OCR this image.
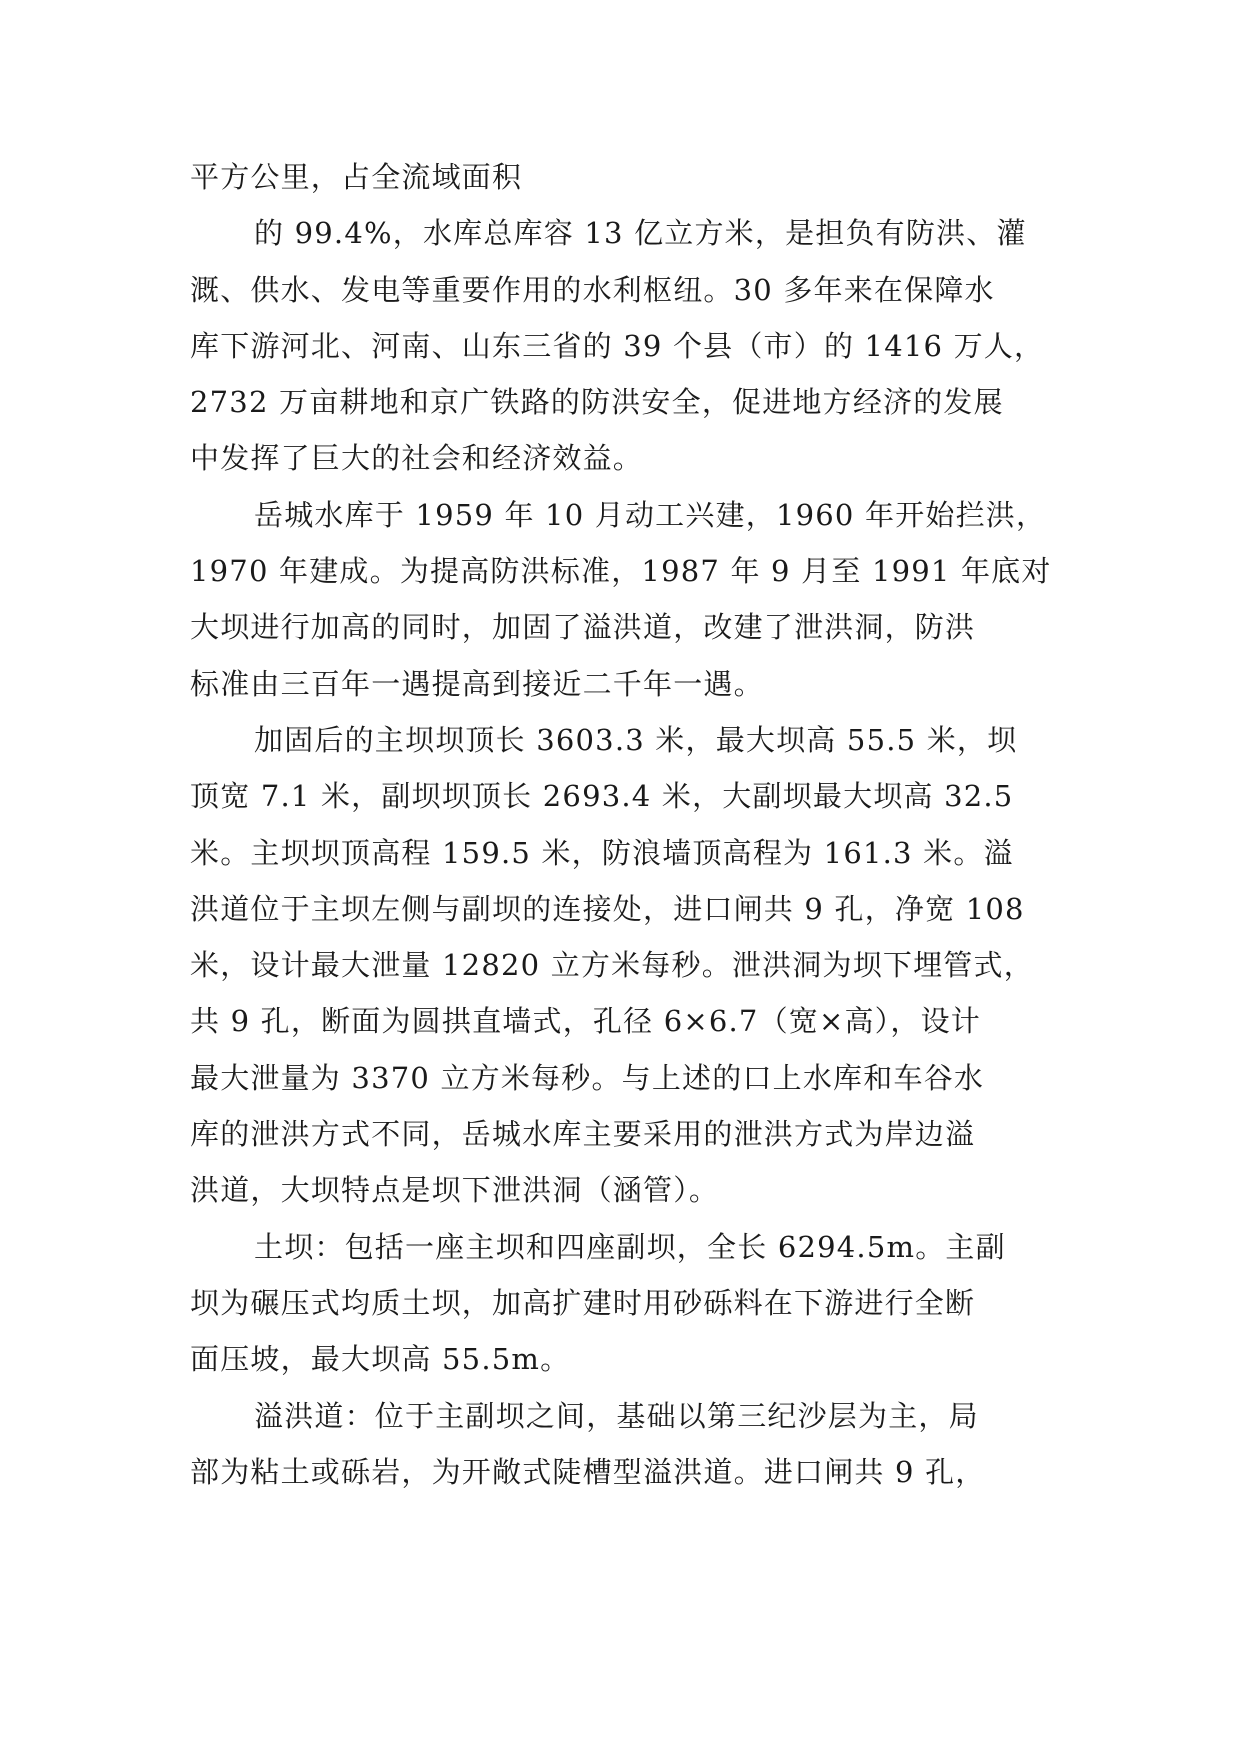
平方公里，占全流域面积

的 99.4%，水库总库容 13 亿立方米，是担负有防洪、灌
溉、供水、发电等重要作用的水利枢纽。30 多年来在保障水
库下游河北、河南、山东三省的 39 个县（市）的 1416 万人，
2732 万亩耕地和京广铁路的防洪安全，促进地方经济的发展
中发挥了巨大的社会和经济效益。

岳城水库于 1959 年 10 月动工兴建，1960 年开始拦洪，
1970 年建成。为提高防洪标准，1987 年 9 月至 1991 年底对
大坝进行加高的同时，加固了溢洪道，改建了泄洪洞，防洪
标准由三百年一遇提高到接近二千年一遇。

加固后的主坝坝顶长 3603.3 米，最大坝高 55.5 米，坝
顶宽 7.1 米，副坝坝顶长 2693.4 米，大副坝最大坝高 32.5
米。主坝坝顶高程 159.5 米，防浪墙顶高程为 161.3 米。溢
洪道位于主坝左侧与副坝的连接处，进口闸共 9 孔，净宽 108
米，设计最大泄量 12820 立方米每秒。泄洪洞为坝下埋管式，
共 9 孔，断面为圆拱直墙式，孔径 6×6.7（宽×高），设计
最大泄量为 3370 立方米每秒。与上述的口上水库和车谷水
库的泄洪方式不同，岳城水库主要采用的泄洪方式为岸边溢
洪道，大坝特点是坝下泄洪洞（涵管）。

土坝：包括一座主坝和四座副坝，全长 6294.5m。主副
坝为碾压式均质土坝，加高扩建时用砂砾料在下游进行全断
面压坡，最大坝高 55.5m。

溢洪道：位于主副坝之间，基础以第三纪沙层为主，局
部为粘土或砾岩，为开敞式陡槽型溢洪道。进口闸共 9 孔，
